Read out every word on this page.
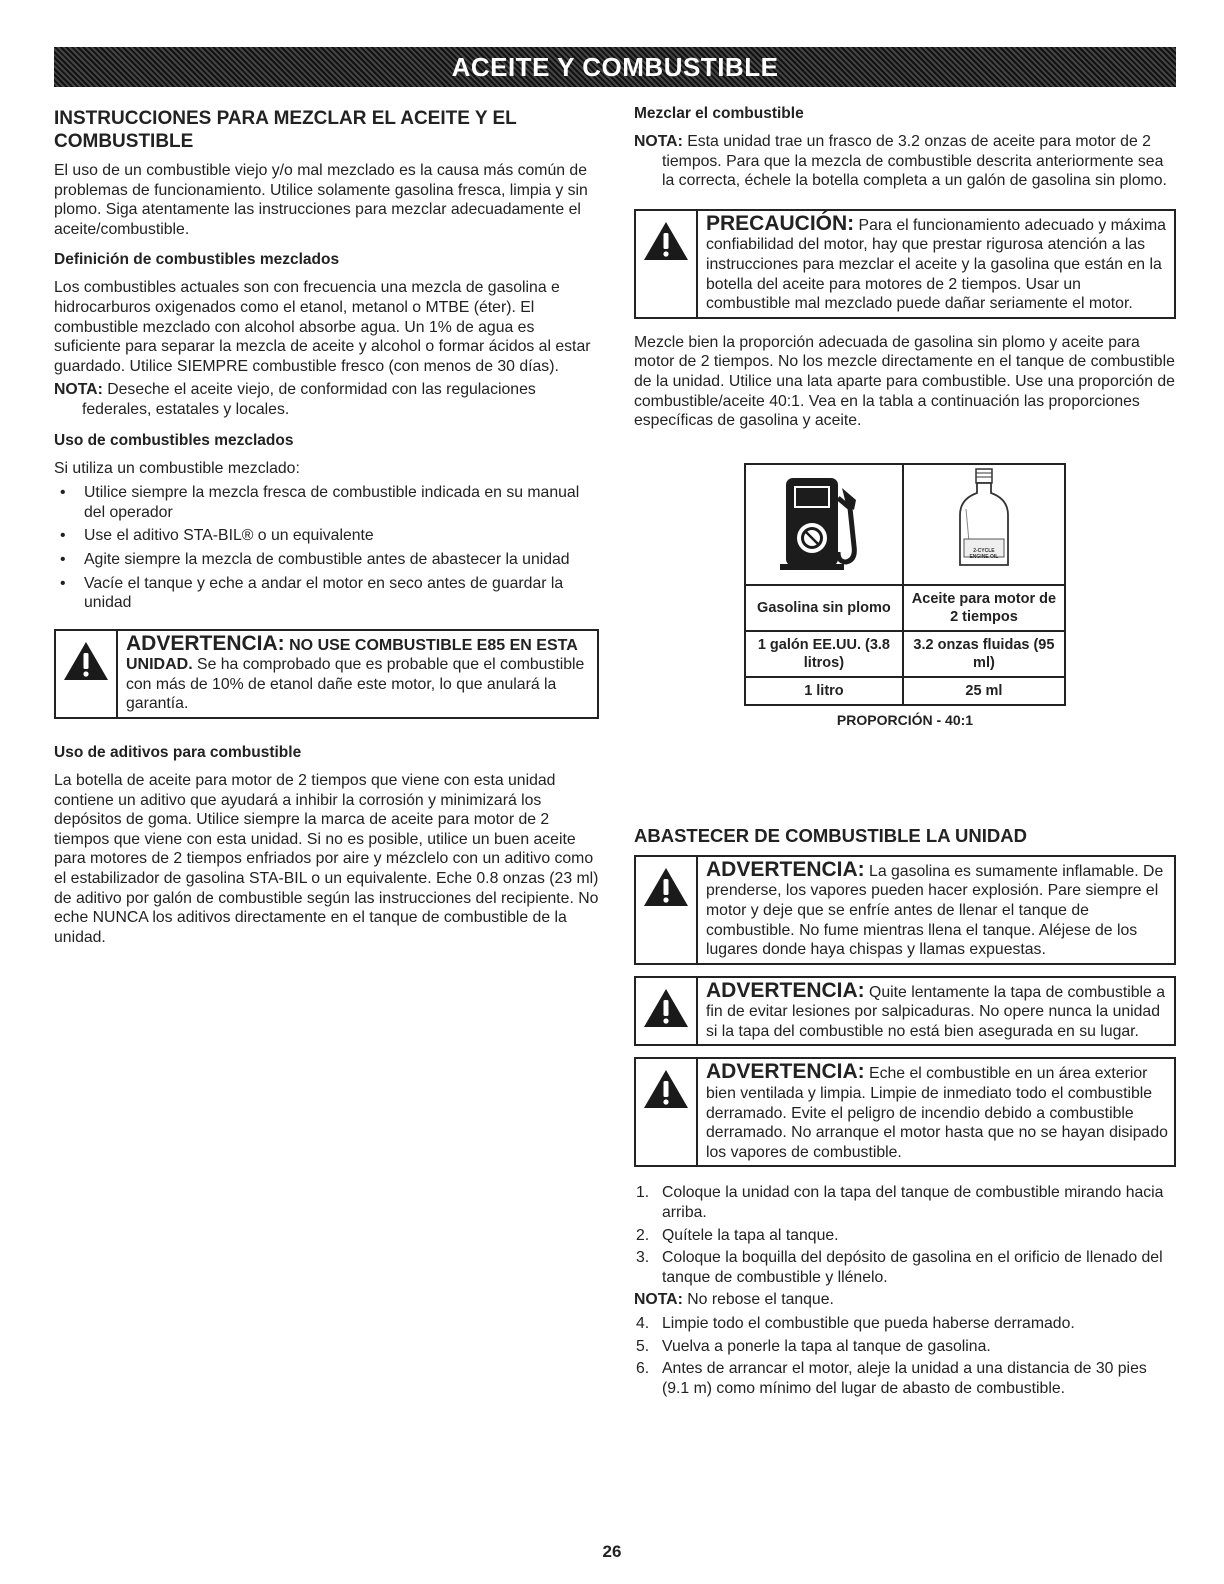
ACEITE Y COMBUSTIBLE
INSTRUCCIONES PARA MEZCLAR EL ACEITE Y EL COMBUSTIBLE

El uso de un combustible viejo y/o mal mezclado es la causa más común de problemas de funcionamiento. Utilice solamente gasolina fresca, limpia y sin plomo. Siga atentamente las instrucciones para mezclar adecuadamente el aceite/combustible.

Definición de combustibles mezclados

Los combustibles actuales son con frecuencia una mezcla de gasolina e hidrocarburos oxigenados como el etanol, metanol o MTBE (éter). El combustible mezclado con alcohol absorbe agua. Un 1% de agua es suficiente para separar la mezcla de aceite y alcohol o formar ácidos al estar guardado. Utilice SIEMPRE combustible fresco (con menos de 30 días).

NOTA: Deseche el aceite viejo, de conformidad con las regulaciones federales, estatales y locales.

Uso de combustibles mezclados

Si utiliza un combustible mezclado:

• Utilice siempre la mezcla fresca de combustible indicada en su manual del operador
• Use el aditivo STA-BIL® o un equivalente
• Agite siempre la mezcla de combustible antes de abastecer la unidad
• Vacíe el tanque y eche a andar el motor en seco antes de guardar la unidad
ADVERTENCIA: NO USE COMBUSTIBLE E85 EN ESTA UNIDAD. Se ha comprobado que es probable que el combustible con más de 10% de etanol dañe este motor, lo que anulará la garantía.
Uso de aditivos para combustible

La botella de aceite para motor de 2 tiempos que viene con esta unidad contiene un aditivo que ayudará a inhibir la corrosión y minimizará los depósitos de goma. Utilice siempre la marca de aceite para motor de 2 tiempos que viene con esta unidad. Si no es posible, utilice un buen aceite para motores de 2 tiempos enfriados por aire y mézclelo con un aditivo como el estabilizador de gasolina STA-BIL o un equivalente. Eche 0.8 onzas (23 ml) de aditivo por galón de combustible según las instrucciones del recipiente. No eche NUNCA los aditivos directamente en el tanque de combustible de la unidad.

Mezclar el combustible

NOTA: Esta unidad trae un frasco de 3.2 onzas de aceite para motor de 2 tiempos. Para que la mezcla de combustible descrita anteriormente sea la correcta, échele la botella completa a un galón de gasolina sin plomo.

PRECAUCIÓN: Para el funcionamiento adecuado y máxima confiabilidad del motor, hay que prestar rigurosa atención a las instrucciones para mezclar el aceite y la gasolina que están en la botella del aceite para motores de 2 tiempos. Usar un combustible mal mezclado puede dañar seriamente el motor.

Mezcle bien la proporción adecuada de gasolina sin plomo y aceite para motor de 2 tiempos. No los mezcle directamente en el tanque de combustible de la unidad. Utilice una lata aparte para combustible. Use una proporción de combustible/aceite 40:1. Vea en la tabla a continuación las proporciones específicas de gasolina y aceite.

2-CYCLE ENGINE OIL

Gasolina sin plomo	Aceite para motor de 2 tiempos
1 galón EE.UU. (3.8 litros)	3.2 onzas fluidas (95 ml)
1 litro	25 ml
PROPORCIÓN - 40:1
ABASTECER DE COMBUSTIBLE LA UNIDAD
ADVERTENCIA: La gasolina es sumamente inflamable. De prenderse, los vapores pueden hacer explosión. Pare siempre el motor y deje que se enfríe antes de llenar el tanque de combustible. No fume mientras llena el tanque. Aléjese de los lugares donde haya chispas y llamas expuestas.
ADVERTENCIA: Quite lentamente la tapa de combustible a fin de evitar lesiones por salpicaduras. No opere nunca la unidad si la tapa del combustible no está bien asegurada en su lugar.
ADVERTENCIA: Eche el combustible en un área exterior bien ventilada y limpia. Limpie de inmediato todo el combustible derramado. Evite el peligro de incendio debido a combustible derramado. No arranque el motor hasta que no se hayan disipado los vapores de combustible.
1. Coloque la unidad con la tapa del tanque de combustible mirando hacia arriba.
2. Quítele la tapa al tanque.
3. Coloque la boquilla del depósito de gasolina en el orificio de llenado del tanque de combustible y llénelo.

NOTA: No rebose el tanque.

4. Limpie todo el combustible que pueda haberse derramado.
5. Vuelva a ponerle la tapa al tanque de gasolina.
6. Antes de arrancar el motor, aleje la unidad a una distancia de 30 pies (9.1 m) como mínimo del lugar de abasto de combustible.
26
